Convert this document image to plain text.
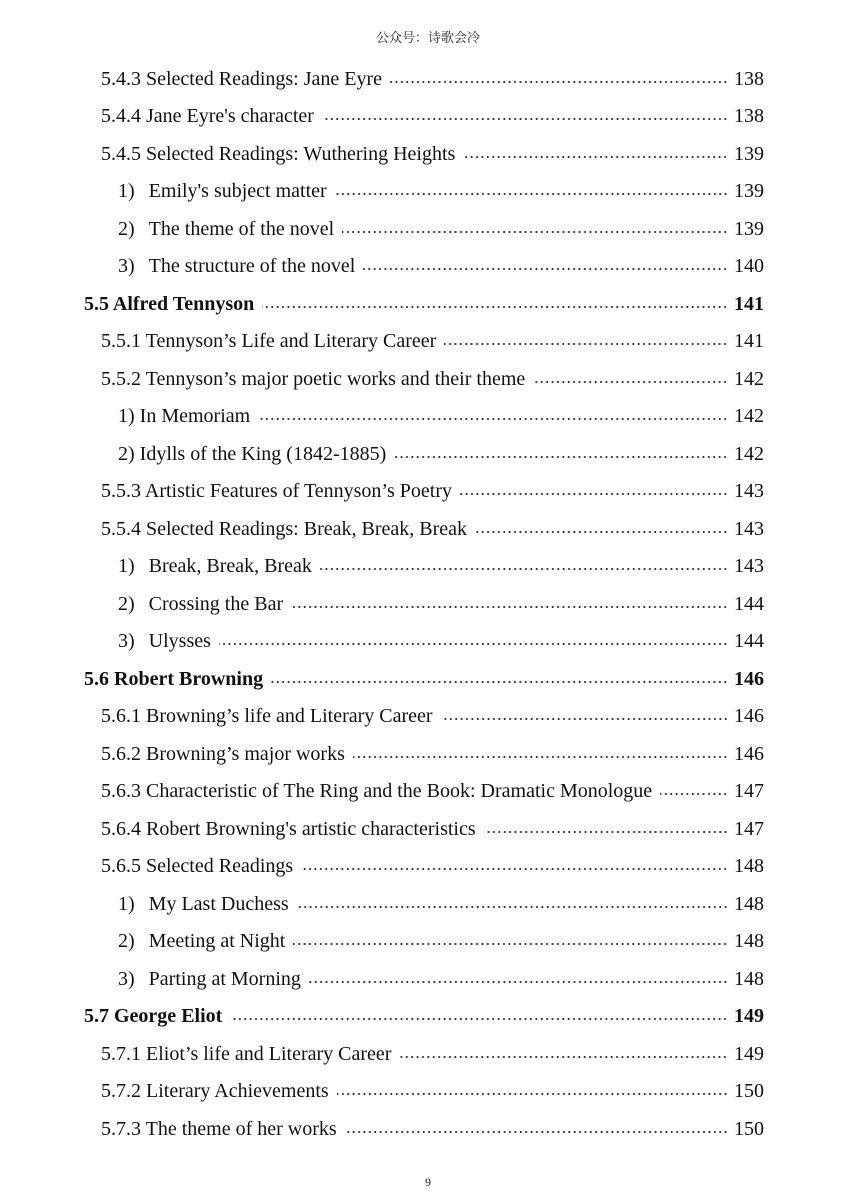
公众号：诗歌会冷
5.4.3 Selected Readings: Jane Eyre	138
5.4.4 Jane Eyre's character	138
5.4.5 Selected Readings: Wuthering Heights	139
1) Emily's subject matter	139
2) The theme of the novel	139
3) The structure of the novel	140
5.5 Alfred Tennyson	141
5.5.1 Tennyson’s Life and Literary Career	141
5.5.2 Tennyson’s major poetic works and their theme	142
1) In Memoriam	142
2) Idylls of the King (1842-1885)	142
5.5.3 Artistic Features of Tennyson’s Poetry	143
5.5.4 Selected Readings: Break, Break, Break	143
1) Break, Break, Break	143
2) Crossing the Bar	144
3) Ulysses	144
5.6 Robert Browning	146
5.6.1 Browning’s life and Literary Career	146
5.6.2 Browning’s major works	146
5.6.3 Characteristic of The Ring and the Book: Dramatic Monologue	147
5.6.4 Robert Browning's artistic characteristics	147
5.6.5 Selected Readings	148
1) My Last Duchess	148
2) Meeting at Night	148
3) Parting at Morning	148
5.7 George Eliot	149
5.7.1 Eliot’s life and Literary Career	149
5.7.2 Literary Achievements	150
5.7.3 The theme of her works	150
9
